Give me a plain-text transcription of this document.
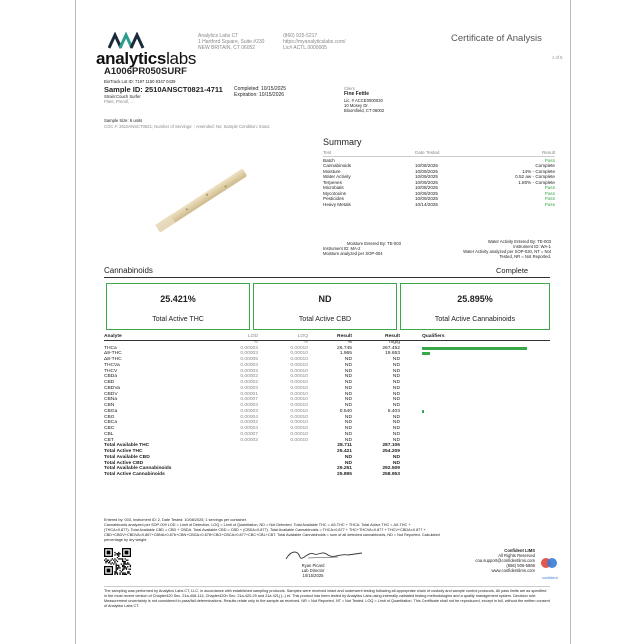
analyticslabs
Analytics Labs CT
1 Hartford Square, Suite #230
NEW BRITAIN, CT 06052
(860) 925-5217
https://myanalyticslabs.com/
Lic# ACTL.0000005
Certificate of Analysis
1 of 5
A1006PR050SURF
BioTrack Lot ID: 7197 1150 9347 0439
Sample ID: 2510ANSCT0821-4711
Strain:Couch Surfer
Plant, Preroll, ...
Completed: 10/15/2025
Expiration: 10/15/2026
Client
Fine Fettle
Lic. # ACCE0000020
10 Mosey Dr.
Bloomfield, CT 06002
Sample Size: 6 units
COC #: 2510ANSCT0821; Number of Servings: ; Amended: No; Sample Condition: Intact.
Summary
Test	Date Tested	Result
Batch	Pass
Cannabinoids	10/08/2025	Complete
Moisture	10/09/2025	14% - Complete
Water Activity	10/09/2025	0.52 aw - Complete
Terpenes	10/09/2025	1.80% - Complete
Microbials	10/08/2025	Pass
Mycotoxins	10/09/2025	Pass
Pesticides	10/09/2025	Pass
Heavy Metals	10/14/2025	Pass
Moisture Entered By: TE-003
Instrument ID: MA-2
Moisture analyzed per SOP-004
Water Activity Entered By: TE-003
Instrument ID: WA-1
Water Activity analyzed per SOP-020, NT = Not
Tested, NR = Not Reported.
Cannabinoids	Complete
25.421%
Total Active THC
ND
Total Active CBD
25.895%
Total Active Cannabinoids
Analyte	LOD	LOQ	Result	Result	Qualifiers
	%	%	%	mg/g	
THCa	0.00003	0.00010	26.745	267.452	
Δ9-THC	0.00003	0.00010	1.965	19.653	
Δ8-THC	0.00005	0.00010	ND	ND	
THCVa	0.00003	0.00010	ND	ND	
THCV	0.00003	0.00010	ND	ND	
CBDa	0.00002	0.00010	ND	ND	
CBD	0.00002	0.00010	ND	ND	
CBDVa	0.00003	0.00010	ND	ND	
CBDV	0.00001	0.00010	ND	ND	
CBNa	0.00007	0.00010	ND	ND	
CBN	0.00003	0.00010	ND	ND	
CBGa	0.00003	0.00010	0.540	5.403	
CBG	0.00004	0.00010	ND	ND	
CBCa	0.00002	0.00010	ND	ND	
CBC	0.00004	0.00010	ND	ND	
CBL	0.00007	0.00010	ND	ND	
CBT	0.00003	0.00010	ND	ND	
Total Available THC			28.711	287.106	
Total Active THC			25.421	254.209	
Total Available CBD			ND	ND	
Total Active CBD			ND	ND	
Total Available Cannabinoids			29.251	292.509	
Total Active Cannabinoids			25.895	258.953	
Entered by: 003, Instrument ID: 2, Date Tested: 10/08/2025; 1 servings per container.
Cannabinoids analyzed per SOP-009 LOD = Limit of Detection, LOQ = Limit of Quantitation, ND = Not Detected. Total Available THC = Δ9-THC + THCA. Total Active THC = Δ9-THC +
(THCA×0.877). Total Available CBD = CBD + CBDA. Total Available CBD = CBD + (CBDA×0.877). Total Available Cannabinoids = THCA×0.877 + THC+THCVA×0.877 + THCV+CBDA×0.877 +
CBD+CBDV+CBDVA×0.867+CBNA×0.876+CBN+CBGA×0.878+CBG+CBCA×0.877+CBC+CBL+CBT. Total Available Cannabinoids = sum of all detected cannabinoids, ND = Not Reported. Calculated
percentage by dry weight
Ryan Picard
Lab Director
10/15/2025
Confident LIMS
All Rights Reserved
coa.support@confidentlims.com
(866) 506-5866
www.confidentlims.com
confident
The sampling was performed by Analytics Labs CT, LLC, in accordance with established sampling protocols. Samples were received intact and underwent testing following all appropriate chain of custody and sample control protocols. All pass limits are as specified in the most recent version of Chapter420 Sec. 21a-408-114, Chapter420h Sec. 21a-420-29 and 21a 421j (--) et. This product has been tested by Analytics Labs using internally validated testing methodologies and a quality management system. Decision rule: Measurement uncertainty is not considered in pass/fail determinations. Results relate only to the sample as received. NR = Not Reported, NT = Not Tested, LOQ = Limit of Quantitation. This Certificate shall not be reproduced, except in full, without the written consent of Analytics Labs CT.
